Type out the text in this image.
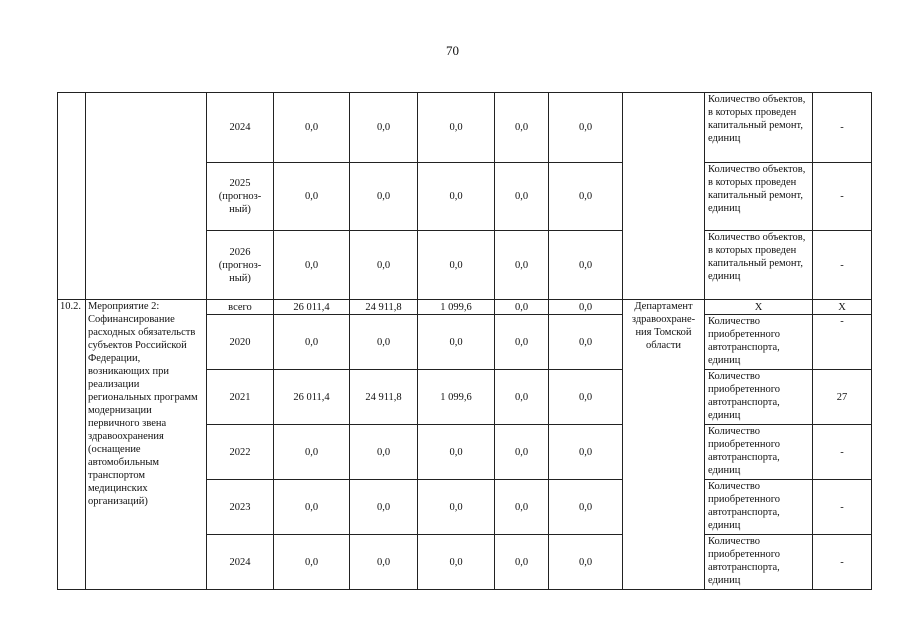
70
		2024	0,0	0,0	0,0	0,0	0,0		Количество объектов, в которых проведен капитальный ремонт, единиц	-
		2025 (прогноз-ный)	0,0	0,0	0,0	0,0	0,0		Количество объектов, в которых проведен капитальный ремонт, единиц	-
		2026 (прогноз-ный)	0,0	0,0	0,0	0,0	0,0		Количество объектов, в которых проведен капитальный ремонт, единиц	-
10.2.	Мероприятие 2: Софинансирование расходных обязательств субъектов Российской Федерации, возникающих при реализации региональных программ модернизации первичного звена здравоохранения (оснащение автомобильным транспортом медицинских организаций)	всего	26 011,4	24 911,8	1 099,6	0,0	0,0	Департамент здравоохране-ния Томской области	X	X
		2020	0,0	0,0	0,0	0,0	0,0		Количество приобретенного автотранспорта, единиц	-
		2021	26 011,4	24 911,8	1 099,6	0,0	0,0		Количество приобретенного автотранспорта, единиц	27
		2022	0,0	0,0	0,0	0,0	0,0		Количество приобретенного автотранспорта, единиц	-
		2023	0,0	0,0	0,0	0,0	0,0		Количество приобретенного автотранспорта, единиц	-
		2024	0,0	0,0	0,0	0,0	0,0		Количество приобретенного автотранспорта, единиц	-
